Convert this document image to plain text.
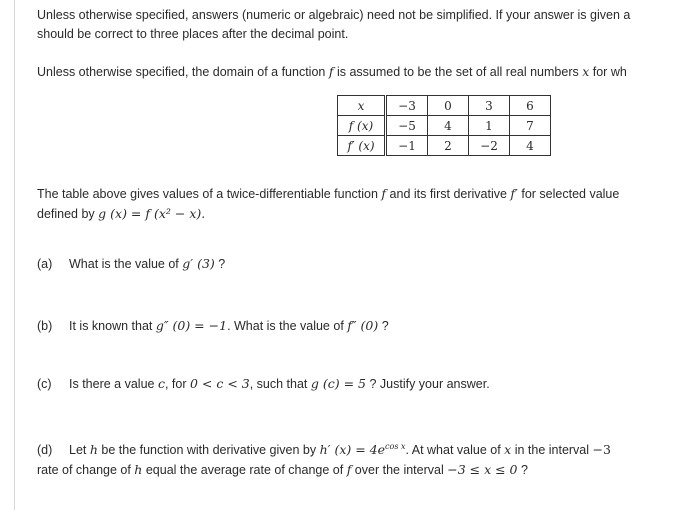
Unless otherwise specified, answers (numeric or algebraic) need not be simplified. If your answer is given a
should be correct to three places after the decimal point.
Unless otherwise specified, the domain of a function f is assumed to be the set of all real numbers x for wh
x	−3	0	3	6
f (x)	−5	4	1	7
f′ (x)	−1	2	−2	4
The table above gives values of a twice-differentiable function f and its first derivative f′ for selected value
defined by g (x) = f (x² − x).
(a) What is the value of g′ (3) ?
(b) It is known that g″ (0) = −1. What is the value of f″ (0) ?
(c) Is there a value c, for 0 < c < 3, such that g (c) = 5 ? Justify your answer.
(d) Let h be the function with derivative given by h′ $(x) = 4e^{cos x}$. At what value of x in the interval −3
rate of change of h equal the average rate of change of f over the interval −3 ≤ x ≤ 0 ?
